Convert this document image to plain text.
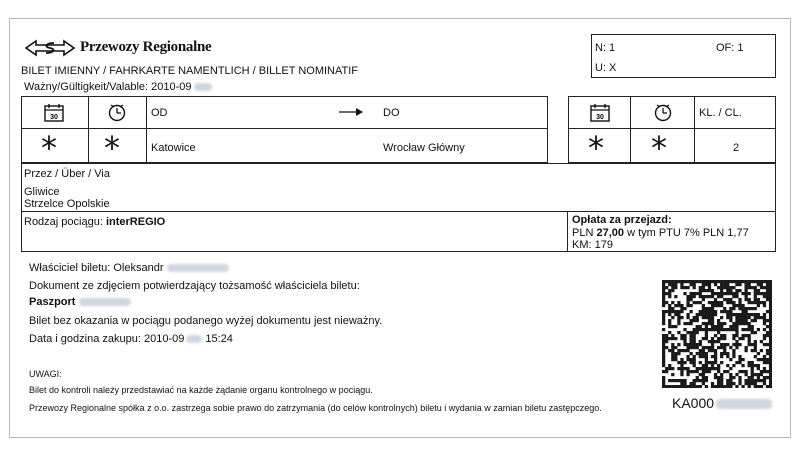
Przewozy Regionalne
BILET IMIENNY / FAHRKARTE NAMENTLICH / BILLET NOMINATIF
Ważny/Gültigkeit/Valable: 2010-09
N: 1	OF: 1
U: X
30	OD	DO
* *	Katowice	Wrocław Główny
30	KL. / CL.
* *	2
Przez / Über / Via
Gliwice
Strzelce Opolskie
Rodzaj pociągu: interREGIO	Opłata za przejazd:
PLN 27,00 w tym PTU 7% PLN 1,77
KM: 179
Właściciel biletu: Oleksandr
Dokument ze zdjęciem potwierdzający tożsamość właściciela biletu:
Paszport
Bilet bez okazania w pociągu podanego wyżej dokumentu jest nieważny.
Data i godzina zakupu: 2010-09 15:24
UWAGI:
Bilet do kontroli należy przedstawiać na każde żądanie organu kontrolnego w pociągu.
Przewozy Regionalne spółka z o.o. zastrzega sobie prawo do zatrzymania (do celów kontrolnych) biletu i wydania w zamian biletu zastępczego.	KA000
